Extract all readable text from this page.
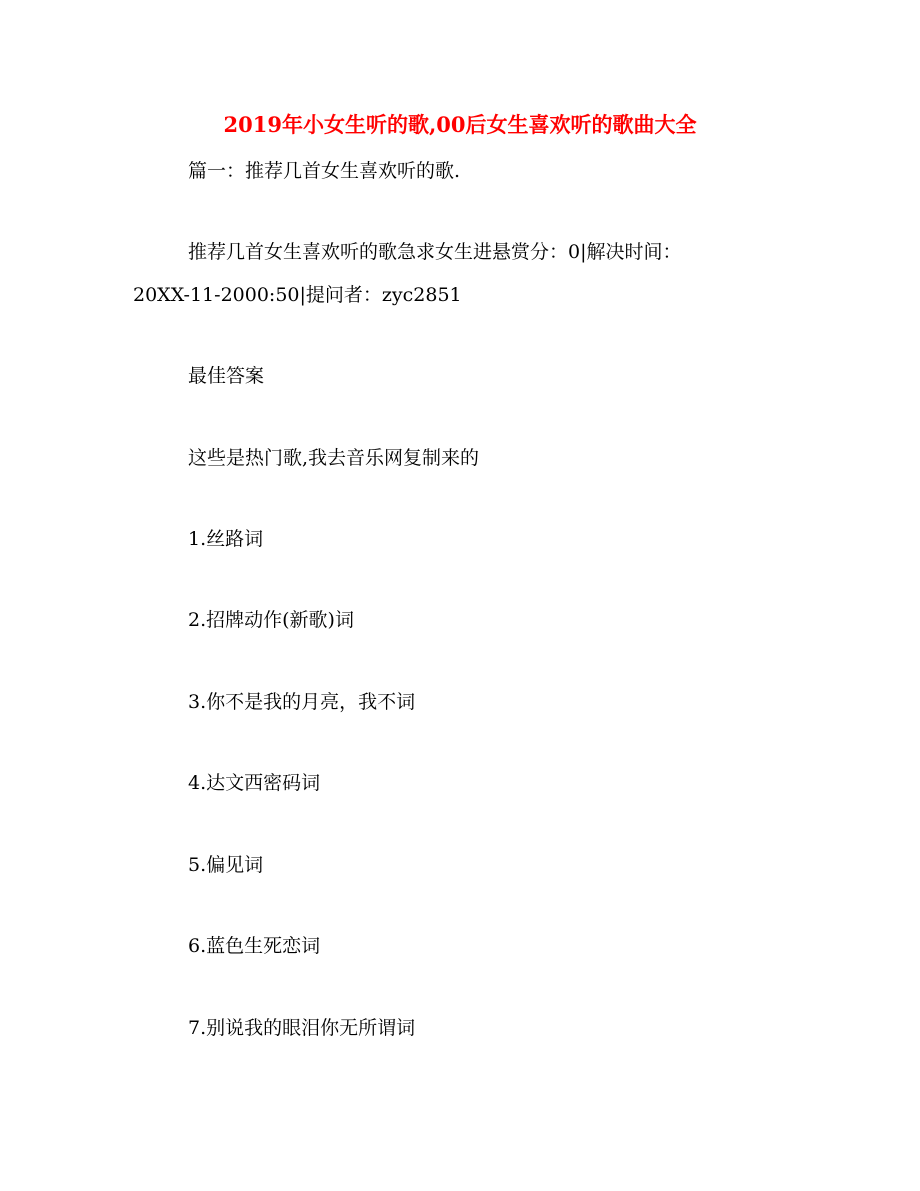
2019年小女生听的歌,00后女生喜欢听的歌曲大全
篇一：推荐几首女生喜欢听的歌.
推荐几首女生喜欢听的歌急求女生进悬赏分：0|解决时间：
20XX-11-2000:50|提问者：zyc2851
最佳答案
这些是热门歌,我去音乐网复制来的
1.丝路词
2.招牌动作(新歌)词
3.你不是我的月亮，我不词
4.达文西密码词
5.偏见词
6.蓝色生死恋词
7.别说我的眼泪你无所谓词
